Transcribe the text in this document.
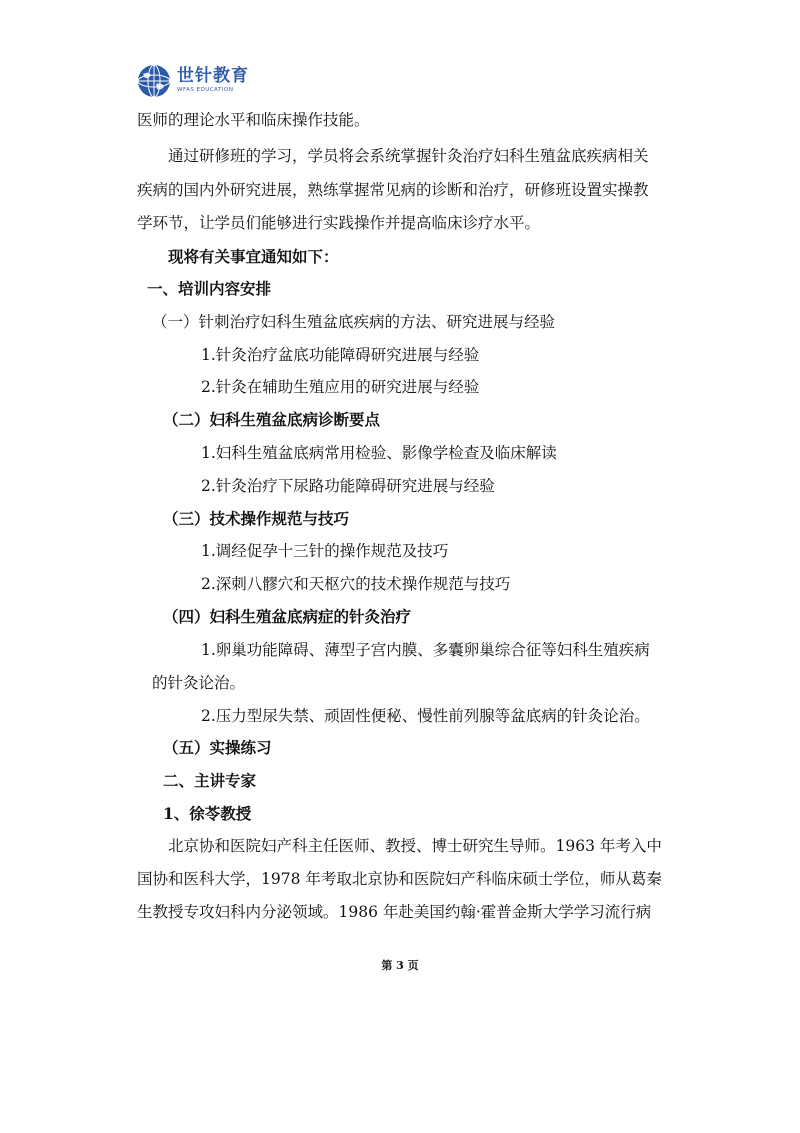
世针教育
WFAS EDUCATION
医师的理论水平和临床操作技能。
通过研修班的学习，学员将会系统掌握针灸治疗妇科生殖盆底疾病相关
疾病的国内外研究进展，熟练掌握常见病的诊断和治疗，研修班设置实操教
学环节，让学员们能够进行实践操作并提高临床诊疗水平。
现将有关事宜通知如下：
一、培训内容安排
（一）针刺治疗妇科生殖盆底疾病的方法、研究进展与经验
1.针灸治疗盆底功能障碍研究进展与经验
2.针灸在辅助生殖应用的研究进展与经验
（二）妇科生殖盆底病诊断要点
1.妇科生殖盆底病常用检验、影像学检查及临床解读
2.针灸治疗下尿路功能障碍研究进展与经验
（三）技术操作规范与技巧
1.调经促孕十三针的操作规范及技巧
2.深刺八髎穴和天枢穴的技术操作规范与技巧
（四）妇科生殖盆底病症的针灸治疗
1.卵巢功能障碍、薄型子宫内膜、多囊卵巢综合征等妇科生殖疾病
的针灸论治。
2.压力型尿失禁、顽固性便秘、慢性前列腺等盆底病的针灸论治。
（五）实操练习
二、主讲专家
1、徐苓教授
北京协和医院妇产科主任医师、教授、博士研究生导师。1963 年考入中
国协和医科大学，1978 年考取北京协和医院妇产科临床硕士学位，师从葛秦
生教授专攻妇科内分泌领域。1986 年赴美国约翰·霍普金斯大学学习流行病
第 3 页
